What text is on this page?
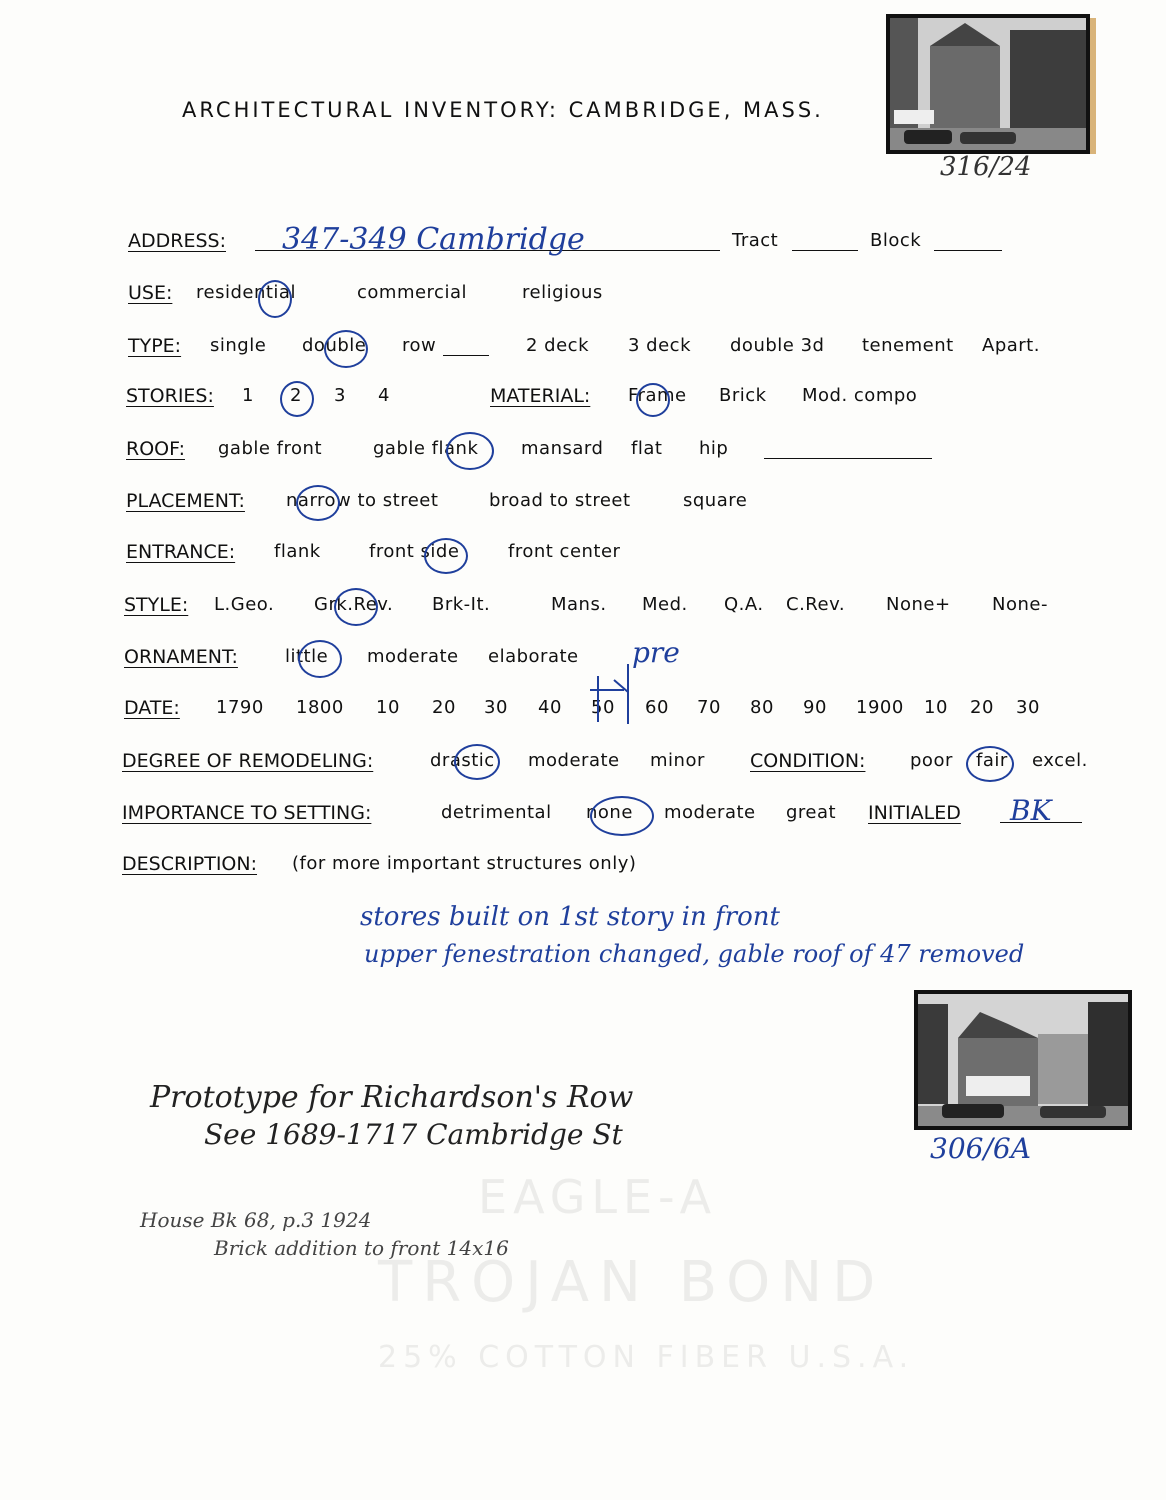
EAGLE-A
TROJAN BOND
25% COTTON FIBER U.S.A.
ARCHITECTURAL INVENTORY: CAMBRIDGE, MASS.
316/24
ADDRESS: 347-349 Cambridge	Tract	Block
USE: residential	commercial	religious
TYPE: single double row	2 deck 3 deck double 3d tenement Apart.
STORIES: 1 2 3 4	MATERIAL: Frame Brick Mod. compo
ROOF: gable front	gable flank mansard flat hip
PLACEMENT: narrow to street	broad to street	square
ENTRANCE: flank	front side	front center
STYLE: L.Geo. Grk.Rev. Brk-It.	Mans. Med. Q.A. C.Rev. None+ None-
ORNAMENT:	little moderate elaborate pre
DATE: 1790 1800 10 20 30 40 50 60 70 80 90 1900 10 20 30
DEGREE OF REMODELING:	drastic moderate minor CONDITION: poor fair excel.
IMPORTANCE TO SETTING:	detrimental none moderate great INITIALED BK
DESCRIPTION: (for more important structures only)
stores built on 1st story in front
upper fenestration changed, gable roof of 47 removed
306/6A
Prototype for Richardson's Row
See 1689-1717 Cambridge St
House Bk 68, p.3 1924
Brick addition to front 14x16
